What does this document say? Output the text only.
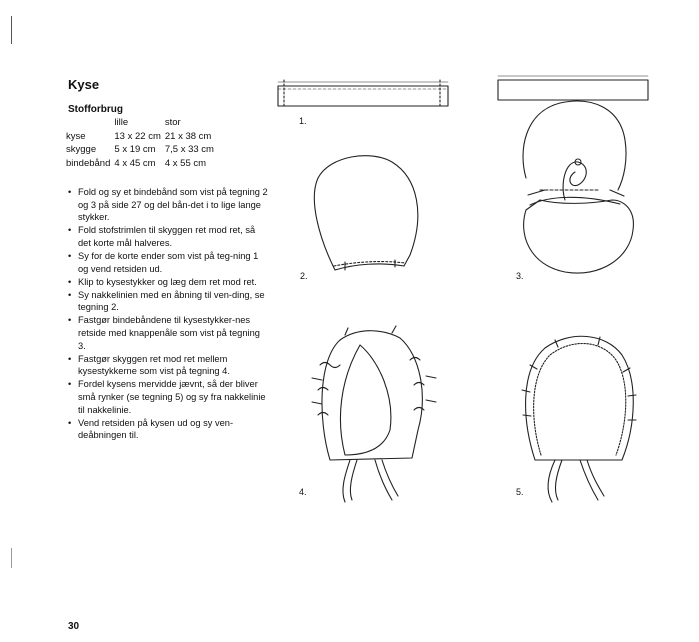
Kyse
Stofforbrug
	lille	stor
kyse	13 x 22 cm	21 x 38 cm
skygge	5 x 19 cm	7,5 x 33 cm
bindebånd	4 x 45 cm	4 x 55 cm
• Fold og sy et bindebånd som vist på tegning 2 og 3 på side 27 og del bån-det i to lige lange stykker.
• Fold stofstrimlen til skyggen ret mod ret, så det korte mål halveres.
• Sy for de korte ender som vist på teg-ning 1 og vend retsiden ud.
• Klip to kysestykker og læg dem ret mod ret.
• Sy nakkelinien med en åbning til ven-ding, se tegning 2.
• Fastgør bindebåndene til kysestykker-nes retside med knappenåle som vist på tegning 3.
• Fastgør skyggen ret mod ret mellem kysestykkerne som vist på tegning 4.
• Fordel kysens mervidde jævnt, så der bliver små rynker (se tegning 5) og sy fra nakkelinie til nakkelinie.
• Vend retsiden på kysen ud og sy ven-deåbningen til.
1.
2.	3.
4.	5.
30
